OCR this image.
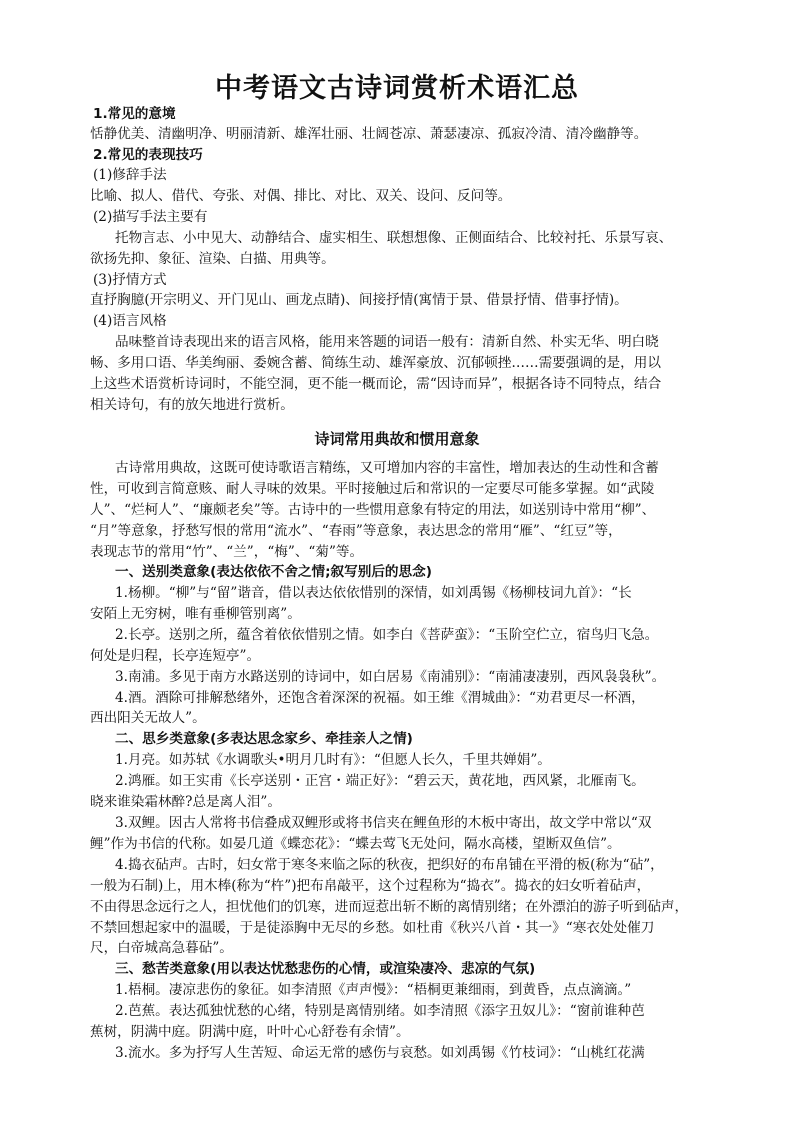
中考语文古诗词赏析术语汇总
1.常见的意境
恬静优美、清幽明净、明丽清新、雄浑壮丽、壮阔苍凉、萧瑟凄凉、孤寂冷清、清冷幽静等。
2.常见的表现技巧
(1)修辞手法
比喻、拟人、借代、夸张、对偶、排比、对比、双关、设问、反问等。
(2)描写手法主要有
托物言志、小中见大、动静结合、虚实相生、联想想像、正侧面结合、比较衬托、乐景写哀、
欲扬先抑、象征、渲染、白描、用典等。
(3)抒情方式
直抒胸臆(开宗明义、开门见山、画龙点睛)、间接抒情(寓情于景、借景抒情、借事抒情)。
(4)语言风格
品味整首诗表现出来的语言风格，能用来答题的词语一般有：清新自然、朴实无华、明白晓
畅、多用口语、华美绚丽、委婉含蓄、简练生动、雄浑豪放、沉郁顿挫……需要强调的是，用以
上这些术语赏析诗词时，不能空洞，更不能一概而论，需“因诗而异”，根据各诗不同特点，结合
相关诗句，有的放矢地进行赏析。
诗词常用典故和惯用意象
古诗常用典故，这既可使诗歌语言精练，又可增加内容的丰富性，增加表达的生动性和含蓄
性，可收到言简意赅、耐人寻味的效果。平时接触过后和常识的一定要尽可能多掌握。如“武陵
人”、“烂柯人”、“廉颇老矣”等。古诗中的一些惯用意象有特定的用法，如送别诗中常用“柳”、
“月”等意象，抒愁写恨的常用“流水”、“春雨”等意象，表达思念的常用“雁”、“红豆”等，
表现志节的常用“竹”、“兰”，“梅”、“菊”等。
一、送别类意象(表达依依不舍之情;叙写别后的思念)
1.杨柳。“柳”与“留”谐音，借以表达依依惜别的深情，如刘禹锡《杨柳枝词九首》：“长
安陌上无穷树，唯有垂柳管别离”。
2.长亭。送别之所，蕴含着依依惜别之情。如李白《菩萨蛮》：“玉阶空伫立，宿鸟归飞急。
何处是归程，长亭连短亭”。
3.南浦。多见于南方水路送别的诗词中，如白居易《南浦别》：“南浦凄凄别，西风袅袅秋”。
4.酒。酒除可排解愁绪外，还饱含着深深的祝福。如王维《渭城曲》：“劝君更尽一杯酒，
西出阳关无故人”。
二、思乡类意象(多表达思念家乡、牵挂亲人之情)
1.月亮。如苏轼《水调歌头•明月几时有》：“但愿人长久，千里共婵娟”。
2.鸿雁。如王实甫《长亭送别・正宫・端正好》：“碧云天，黄花地，西风紧，北雁南飞。
晓来谁染霜林醉?总是离人泪”。
3.双鲤。因古人常将书信叠成双鲤形或将书信夹在鲤鱼形的木板中寄出，故文学中常以“双
鲤”作为书信的代称。如晏几道《蝶恋花》：“蝶去莺飞无处问，隔水高楼，望断双鱼信”。
4.捣衣砧声。古时，妇女常于寒冬来临之际的秋夜，把织好的布帛铺在平滑的板(称为“砧”，
一般为石制)上，用木棒(称为“杵”)把布帛敲平，这个过程称为“捣衣”。捣衣的妇女听着砧声，
不由得思念远行之人，担忧他们的饥寒，进而逗惹出斩不断的离情别绪；在外漂泊的游子听到砧声，
不禁回想起家中的温暖，于是徒添胸中无尽的乡愁。如杜甫《秋兴八首・其一》“寒衣处处催刀
尺，白帝城高急暮砧”。
三、愁苦类意象(用以表达忧愁悲伤的心情，或渲染凄冷、悲凉的气氛)
1.梧桐。凄凉悲伤的象征。如李清照《声声慢》：“梧桐更兼细雨，到黄昏，点点滴滴。”
2.芭蕉。表达孤独忧愁的心绪，特别是离情别绪。如李清照《添字丑奴儿》：“窗前谁种芭
蕉树，阴满中庭。阴满中庭，叶叶心心舒卷有余情”。
3.流水。多为抒写人生苦短、命运无常的感伤与哀愁。如刘禹锡《竹枝词》：“山桃红花满
